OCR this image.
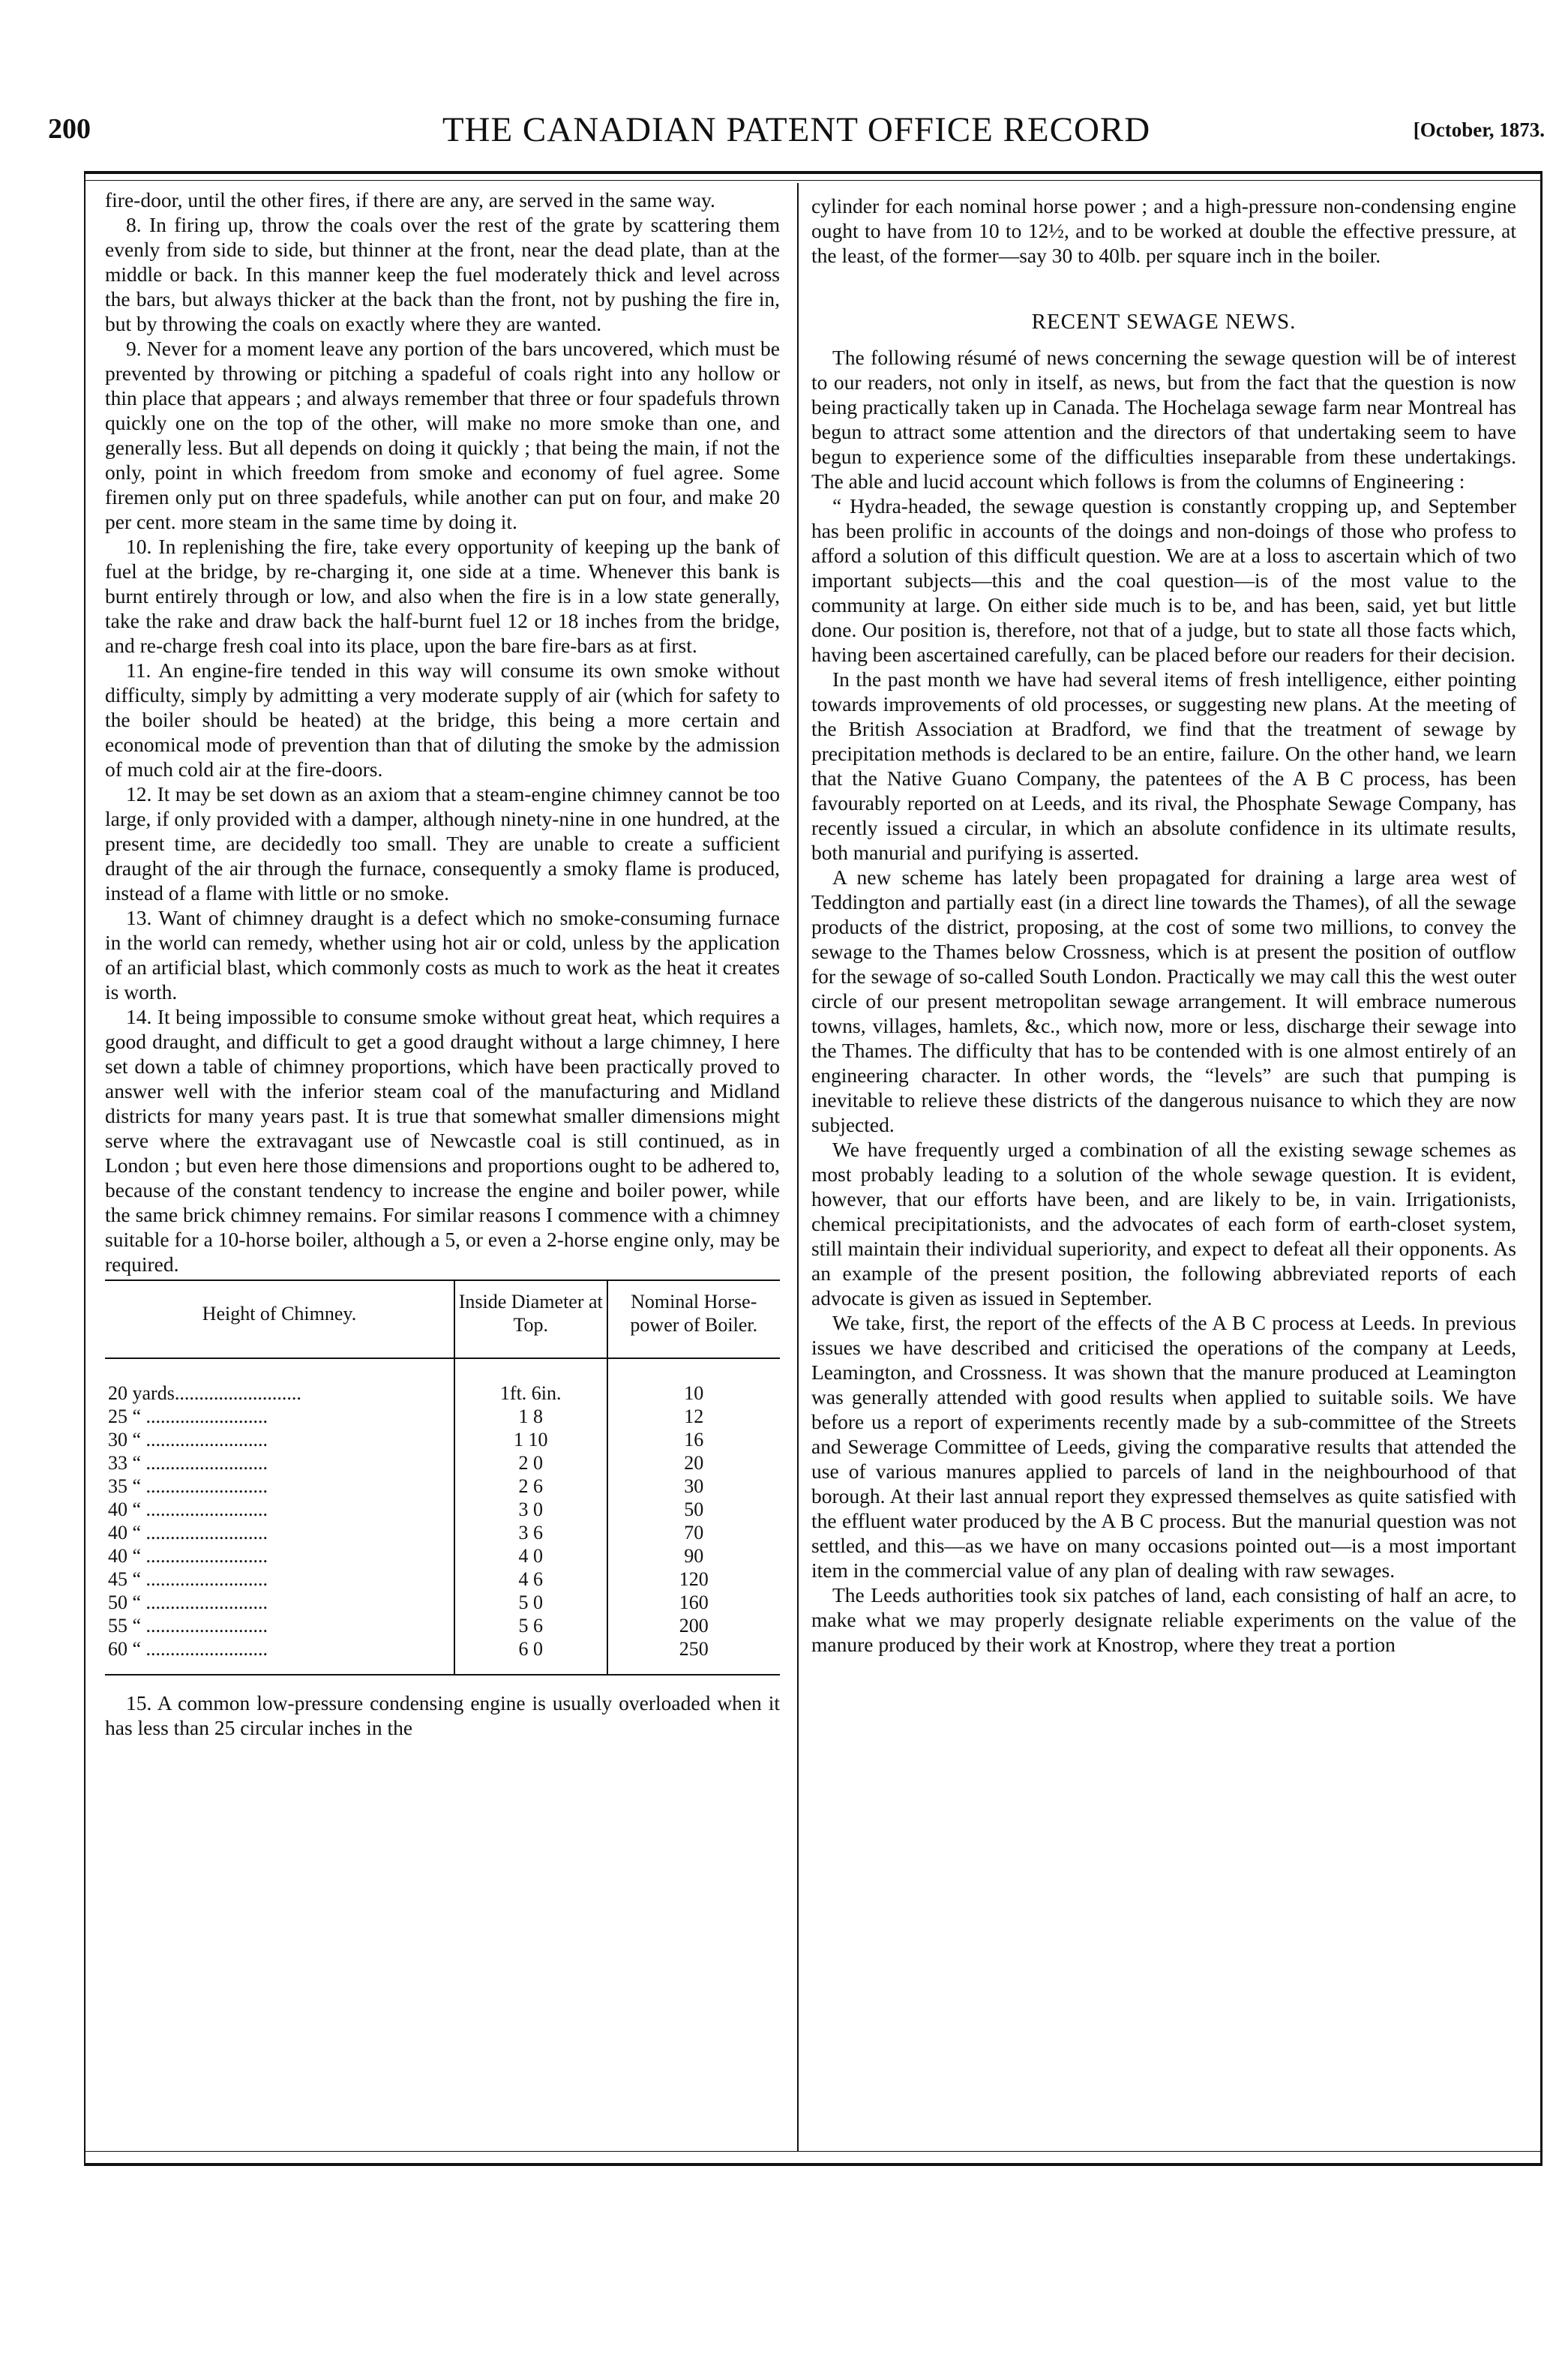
200	THE CANADIAN PATENT OFFICE RECORD	[October, 1873.

fire-door, until the other fires, if there are any, are served in the same way.

8. In firing up, throw the coals over the rest of the grate by scattering them evenly from side to side, but thinner at the front, near the dead plate, than at the middle or back. In this manner keep the fuel moderately thick and level across the bars, but always thicker at the back than the front, not by pushing the fire in, but by throwing the coals on exactly where they are wanted.

9. Never for a moment leave any portion of the bars uncovered, which must be prevented by throwing or pitching a spadeful of coals right into any hollow or thin place that appears ; and always remember that three or four spadefuls thrown quickly one on the top of the other, will make no more smoke than one, and generally less. But all depends on doing it quickly ; that being the main, if not the only, point in which freedom from smoke and economy of fuel agree. Some firemen only put on three spadefuls, while another can put on four, and make 20 per cent. more steam in the same time by doing it.

10. In replenishing the fire, take every opportunity of keeping up the bank of fuel at the bridge, by re-charging it, one side at a time. Whenever this bank is burnt entirely through or low, and also when the fire is in a low state generally, take the rake and draw back the half-burnt fuel 12 or 18 inches from the bridge, and re-charge fresh coal into its place, upon the bare fire-bars as at first.

11. An engine-fire tended in this way will consume its own smoke without difficulty, simply by admitting a very moderate supply of air (which for safety to the boiler should be heated) at the bridge, this being a more certain and economical mode of prevention than that of diluting the smoke by the admission of much cold air at the fire-doors.

12. It may be set down as an axiom that a steam-engine chimney cannot be too large, if only provided with a damper, although ninety-nine in one hundred, at the present time, are decidedly too small. They are unable to create a sufficient draught of the air through the furnace, consequently a smoky flame is produced, instead of a flame with little or no smoke.

13. Want of chimney draught is a defect which no smoke-consuming furnace in the world can remedy, whether using hot air or cold, unless by the application of an artificial blast, which commonly costs as much to work as the heat it creates is worth.

14. It being impossible to consume smoke without great heat, which requires a good draught, and difficult to get a good draught without a large chimney, I here set down a table of chimney proportions, which have been practically proved to answer well with the inferior steam coal of the manufacturing and Midland districts for many years past. It is true that somewhat smaller dimensions might serve where the extravagant use of Newcastle coal is still continued, as in London ; but even here those dimensions and proportions ought to be adhered to, because of the constant tendency to increase the engine and boiler power, while the same brick chimney remains. For similar reasons I commence with a chimney suitable for a 10-horse boiler, although a 5, or even a 2-horse engine only, may be required.

Height of Chimney.	Inside Diameter at Top.	Nominal Horse-power of Boiler.

20 yards..........................	1ft. 6in.	10
25 “ .........................	1 8	12
30 “ .........................	1 10	16
33 “ .........................	2 0	20
35 “ .........................	2 6	30
40 “ .........................	3 0	50
40 “ .........................	3 6	70
40 “ .........................	4 0	90
45 “ .........................	4 6	120
50 “ .........................	5 0	160
55 “ .........................	5 6	200
60 “ .........................	6 0	250

15. A common low-pressure condensing engine is usually overloaded when it has less than 25 circular inches in the

cylinder for each nominal horse power ; and a high-pressure non-condensing engine ought to have from 10 to 12½, and to be worked at double the effective pressure, at the least, of the former—say 30 to 40lb. per square inch in the boiler.

RECENT SEWAGE NEWS.

The following résumé of news concerning the sewage question will be of interest to our readers, not only in itself, as news, but from the fact that the question is now being practically taken up in Canada. The Hochelaga sewage farm near Montreal has begun to attract some attention and the directors of that undertaking seem to have begun to experience some of the difficulties inseparable from these undertakings. The able and lucid account which follows is from the columns of Engineering :

“ Hydra-headed, the sewage question is constantly cropping up, and September has been prolific in accounts of the doings and non-doings of those who profess to afford a solution of this difficult question. We are at a loss to ascertain which of two important subjects—this and the coal question—is of the most value to the community at large. On either side much is to be, and has been, said, yet but little done. Our position is, therefore, not that of a judge, but to state all those facts which, having been ascertained carefully, can be placed before our readers for their decision.

In the past month we have had several items of fresh intelligence, either pointing towards improvements of old processes, or suggesting new plans. At the meeting of the British Association at Bradford, we find that the treatment of sewage by precipitation methods is declared to be an entire, failure. On the other hand, we learn that the Native Guano Company, the patentees of the A B C process, has been favourably reported on at Leeds, and its rival, the Phosphate Sewage Company, has recently issued a circular, in which an absolute confidence in its ultimate results, both manurial and purifying is asserted.

A new scheme has lately been propagated for draining a large area west of Teddington and partially east (in a direct line towards the Thames), of all the sewage products of the district, proposing, at the cost of some two millions, to convey the sewage to the Thames below Crossness, which is at present the position of outflow for the sewage of so-called South London. Practically we may call this the west outer circle of our present metropolitan sewage arrangement. It will embrace numerous towns, villages, hamlets, &c., which now, more or less, discharge their sewage into the Thames. The difficulty that has to be contended with is one almost entirely of an engineering character. In other words, the “levels” are such that pumping is inevitable to relieve these districts of the dangerous nuisance to which they are now subjected.

We have frequently urged a combination of all the existing sewage schemes as most probably leading to a solution of the whole sewage question. It is evident, however, that our efforts have been, and are likely to be, in vain. Irrigationists, chemical precipitationists, and the advocates of each form of earth-closet system, still maintain their individual superiority, and expect to defeat all their opponents. As an example of the present position, the following abbreviated reports of each advocate is given as issued in September.

We take, first, the report of the effects of the A B C process at Leeds. In previous issues we have described and criticised the operations of the company at Leeds, Leamington, and Crossness. It was shown that the manure produced at Leamington was generally attended with good results when applied to suitable soils. We have before us a report of experiments recently made by a sub-committee of the Streets and Sewerage Committee of Leeds, giving the comparative results that attended the use of various manures applied to parcels of land in the neighbourhood of that borough. At their last annual report they expressed themselves as quite satisfied with the effluent water produced by the A B C process. But the manurial question was not settled, and this—as we have on many occasions pointed out—is a most important item in the commercial value of any plan of dealing with raw sewages.

The Leeds authorities took six patches of land, each consisting of half an acre, to make what we may properly designate reliable experiments on the value of the manure produced by their work at Knostrop, where they treat a portion
